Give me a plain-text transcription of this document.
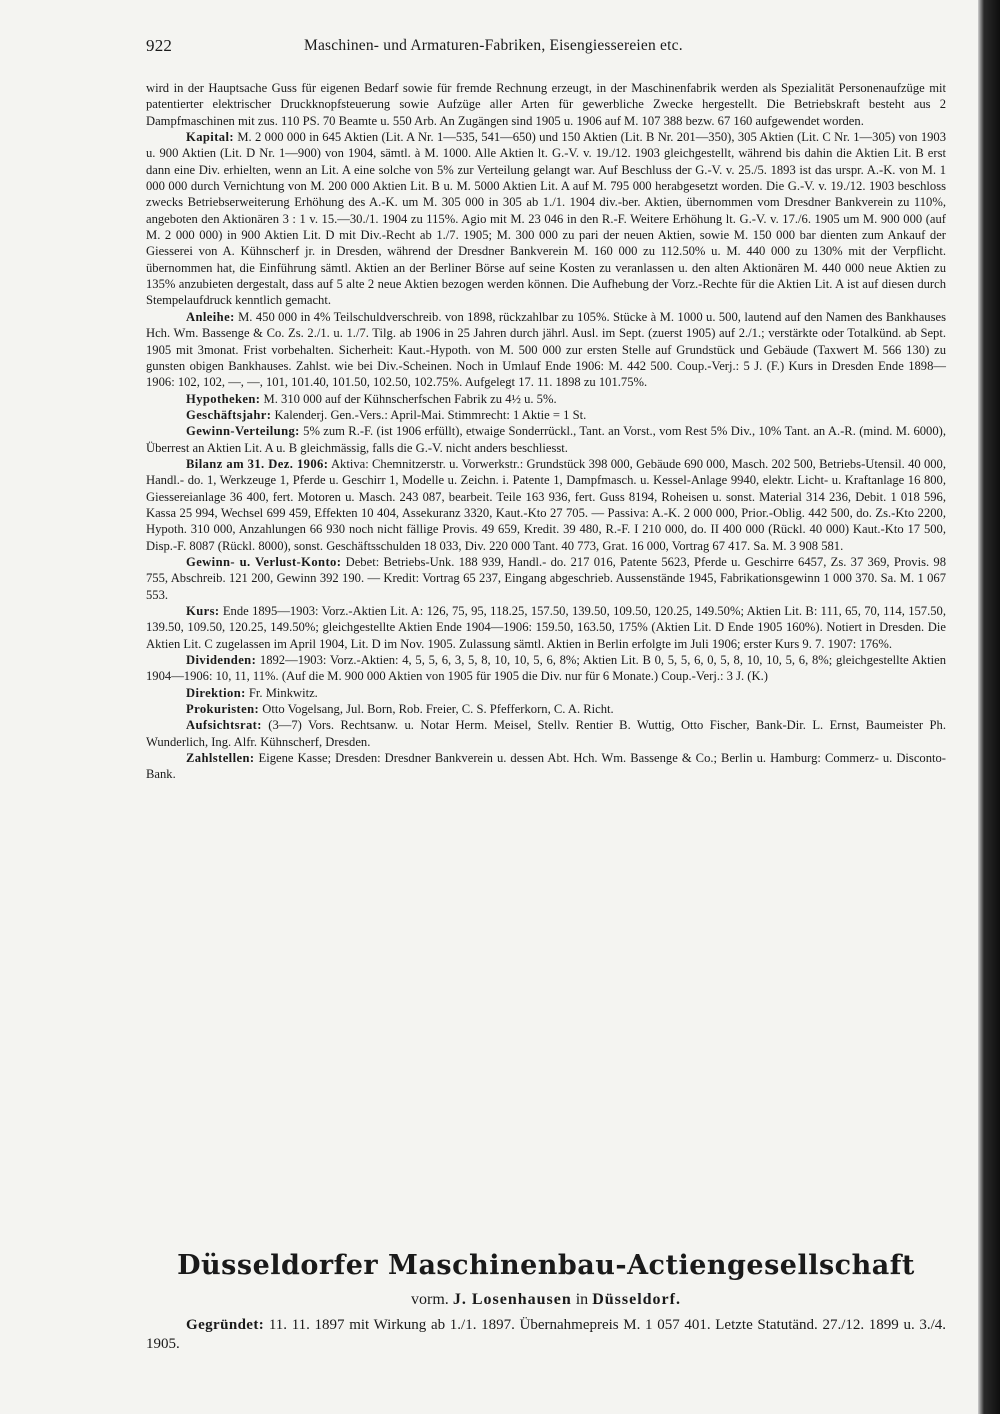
922	Maschinen- und Armaturen-Fabriken, Eisengiessereien etc.

wird in der Hauptsache Guss für eigenen Bedarf sowie für fremde Rechnung erzeugt, in der Maschinenfabrik werden als Spezialität Personenaufzüge mit patentierter elektrischer Druckknopfsteuerung sowie Aufzüge aller Arten für gewerbliche Zwecke hergestellt. Die Betriebskraft besteht aus 2 Dampfmaschinen mit zus. 110 PS. 70 Beamte u. 550 Arb. An Zugängen sind 1905 u. 1906 auf M. 107 388 bezw. 67 160 aufgewendet worden.

Kapital: M. 2 000 000 in 645 Aktien (Lit. A Nr. 1—535, 541—650) und 150 Aktien (Lit. B Nr. 201—350), 305 Aktien (Lit. C Nr. 1—305) von 1903 u. 900 Aktien (Lit. D Nr. 1—900) von 1904, sämtl. à M. 1000. Alle Aktien lt. G.-V. v. 19./12. 1903 gleichgestellt, während bis dahin die Aktien Lit. B erst dann eine Div. erhielten, wenn an Lit. A eine solche von 5% zur Verteilung gelangt war. Auf Beschluss der G.-V. v. 25./5. 1893 ist das urspr. A.-K. von M. 1 000 000 durch Vernichtung von M. 200 000 Aktien Lit. B u. M. 5000 Aktien Lit. A auf M. 795 000 herabgesetzt worden. Die G.-V. v. 19./12. 1903 beschloss zwecks Betriebserweiterung Erhöhung des A.-K. um M. 305 000 in 305 ab 1./1. 1904 div.-ber. Aktien, übernommen vom Dresdner Bankverein zu 110%, angeboten den Aktionären 3 : 1 v. 15.—30./1. 1904 zu 115%. Agio mit M. 23 046 in den R.-F. Weitere Erhöhung lt. G.-V. v. 17./6. 1905 um M. 900 000 (auf M. 2 000 000) in 900 Aktien Lit. D mit Div.-Recht ab 1./7. 1905; M. 300 000 zu pari der neuen Aktien, sowie M. 150 000 bar dienten zum Ankauf der Giesserei von A. Kühnscherf jr. in Dresden, während der Dresdner Bankverein M. 160 000 zu 112.50% u. M. 440 000 zu 130% mit der Verpflicht. übernommen hat, die Einführung sämtl. Aktien an der Berliner Börse auf seine Kosten zu veranlassen u. den alten Aktionären M. 440 000 neue Aktien zu 135% anzubieten dergestalt, dass auf 5 alte 2 neue Aktien bezogen werden können. Die Aufhebung der Vorz.-Rechte für die Aktien Lit. A ist auf diesen durch Stempelaufdruck kenntlich gemacht.

Anleihe: M. 450 000 in 4% Teilschuldverschreib. von 1898, rückzahlbar zu 105%. Stücke à M. 1000 u. 500, lautend auf den Namen des Bankhauses Hch. Wm. Bassenge & Co. Zs. 2./1. u. 1./7. Tilg. ab 1906 in 25 Jahren durch jährl. Ausl. im Sept. (zuerst 1905) auf 2./1.; verstärkte oder Totalkünd. ab Sept. 1905 mit 3monat. Frist vorbehalten. Sicherheit: Kaut.-Hypoth. von M. 500 000 zur ersten Stelle auf Grundstück und Gebäude (Taxwert M. 566 130) zu gunsten obigen Bankhauses. Zahlst. wie bei Div.-Scheinen. Noch in Umlauf Ende 1906: M. 442 500. Coup.-Verj.: 5 J. (F.) Kurs in Dresden Ende 1898—1906: 102, 102, —, —, 101, 101.40, 101.50, 102.50, 102.75%. Aufgelegt 17. 11. 1898 zu 101.75%.

Hypotheken: M. 310 000 auf der Kühnscherfschen Fabrik zu 4½ u. 5%.

Geschäftsjahr: Kalenderj. Gen.-Vers.: April-Mai. Stimmrecht: 1 Aktie = 1 St.

Gewinn-Verteilung: 5% zum R.-F. (ist 1906 erfüllt), etwaige Sonderrückl., Tant. an Vorst., vom Rest 5% Div., 10% Tant. an A.-R. (mind. M. 6000), Überrest an Aktien Lit. A u. B gleichmässig, falls die G.-V. nicht anders beschliesst.

Bilanz am 31. Dez. 1906: Aktiva: Chemnitzerstr. u. Vorwerkstr.: Grundstück 398 000, Gebäude 690 000, Masch. 202 500, Betriebs-Utensil. 40 000, Handl.- do. 1, Werkzeuge 1, Pferde u. Geschirr 1, Modelle u. Zeichn. i. Patente 1, Dampfmasch. u. Kessel-Anlage 9940, elektr. Licht- u. Kraftanlage 16 800, Giessereianlage 36 400, fert. Motoren u. Masch. 243 087, bearbeit. Teile 163 936, fert. Guss 8194, Roheisen u. sonst. Material 314 236, Debit. 1 018 596, Kassa 25 994, Wechsel 699 459, Effekten 10 404, Assekuranz 3320, Kaut.-Kto 27 705. — Passiva: A.-K. 2 000 000, Prior.-Oblig. 442 500, do. Zs.-Kto 2200, Hypoth. 310 000, Anzahlungen 66 930 noch nicht fällige Provis. 49 659, Kredit. 39 480, R.-F. I 210 000, do. II 400 000 (Rückl. 40 000) Kaut.-Kto 17 500, Disp.-F. 8087 (Rückl. 8000), sonst. Geschäftsschulden 18 033, Div. 220 000 Tant. 40 773, Grat. 16 000, Vortrag 67 417. Sa. M. 3 908 581.

Gewinn- u. Verlust-Konto: Debet: Betriebs-Unk. 188 939, Handl.- do. 217 016, Patente 5623, Pferde u. Geschirre 6457, Zs. 37 369, Provis. 98 755, Abschreib. 121 200, Gewinn 392 190. — Kredit: Vortrag 65 237, Eingang abgeschrieb. Aussenstände 1945, Fabrikationsgewinn 1 000 370. Sa. M. 1 067 553.

Kurs: Ende 1895—1903: Vorz.-Aktien Lit. A: 126, 75, 95, 118.25, 157.50, 139.50, 109.50, 120.25, 149.50%; Aktien Lit. B: 111, 65, 70, 114, 157.50, 139.50, 109.50, 120.25, 149.50%; gleichgestellte Aktien Ende 1904—1906: 159.50, 163.50, 175% (Aktien Lit. D Ende 1905 160%). Notiert in Dresden. Die Aktien Lit. C zugelassen im April 1904, Lit. D im Nov. 1905. Zulassung sämtl. Aktien in Berlin erfolgte im Juli 1906; erster Kurs 9. 7. 1907: 176%.

Dividenden: 1892—1903: Vorz.-Aktien: 4, 5, 5, 6, 3, 5, 8, 10, 10, 5, 6, 8%; Aktien Lit. B 0, 5, 5, 6, 0, 5, 8, 10, 10, 5, 6, 8%; gleichgestellte Aktien 1904—1906: 10, 11, 11%. (Auf die M. 900 000 Aktien von 1905 für 1905 die Div. nur für 6 Monate.) Coup.-Verj.: 3 J. (K.)

Direktion: Fr. Minkwitz.

Prokuristen: Otto Vogelsang, Jul. Born, Rob. Freier, C. S. Pfefferkorn, C. A. Richt.

Aufsichtsrat: (3—7) Vors. Rechtsanw. u. Notar Herm. Meisel, Stellv. Rentier B. Wuttig, Otto Fischer, Bank-Dir. L. Ernst, Baumeister Ph. Wunderlich, Ing. Alfr. Kühnscherf, Dresden.

Zahlstellen: Eigene Kasse; Dresden: Dresdner Bankverein u. dessen Abt. Hch. Wm. Bassenge & Co.; Berlin u. Hamburg: Commerz- u. Disconto-Bank.

Düsseldorfer Maschinenbau-Actiengesellschaft
vorm. J. Losenhausen in Düsseldorf.

Gegründet: 11. 11. 1897 mit Wirkung ab 1./1. 1897. Übernahmepreis M. 1 057 401. Letzte Statutänd. 27./12. 1899 u. 3./4. 1905.
